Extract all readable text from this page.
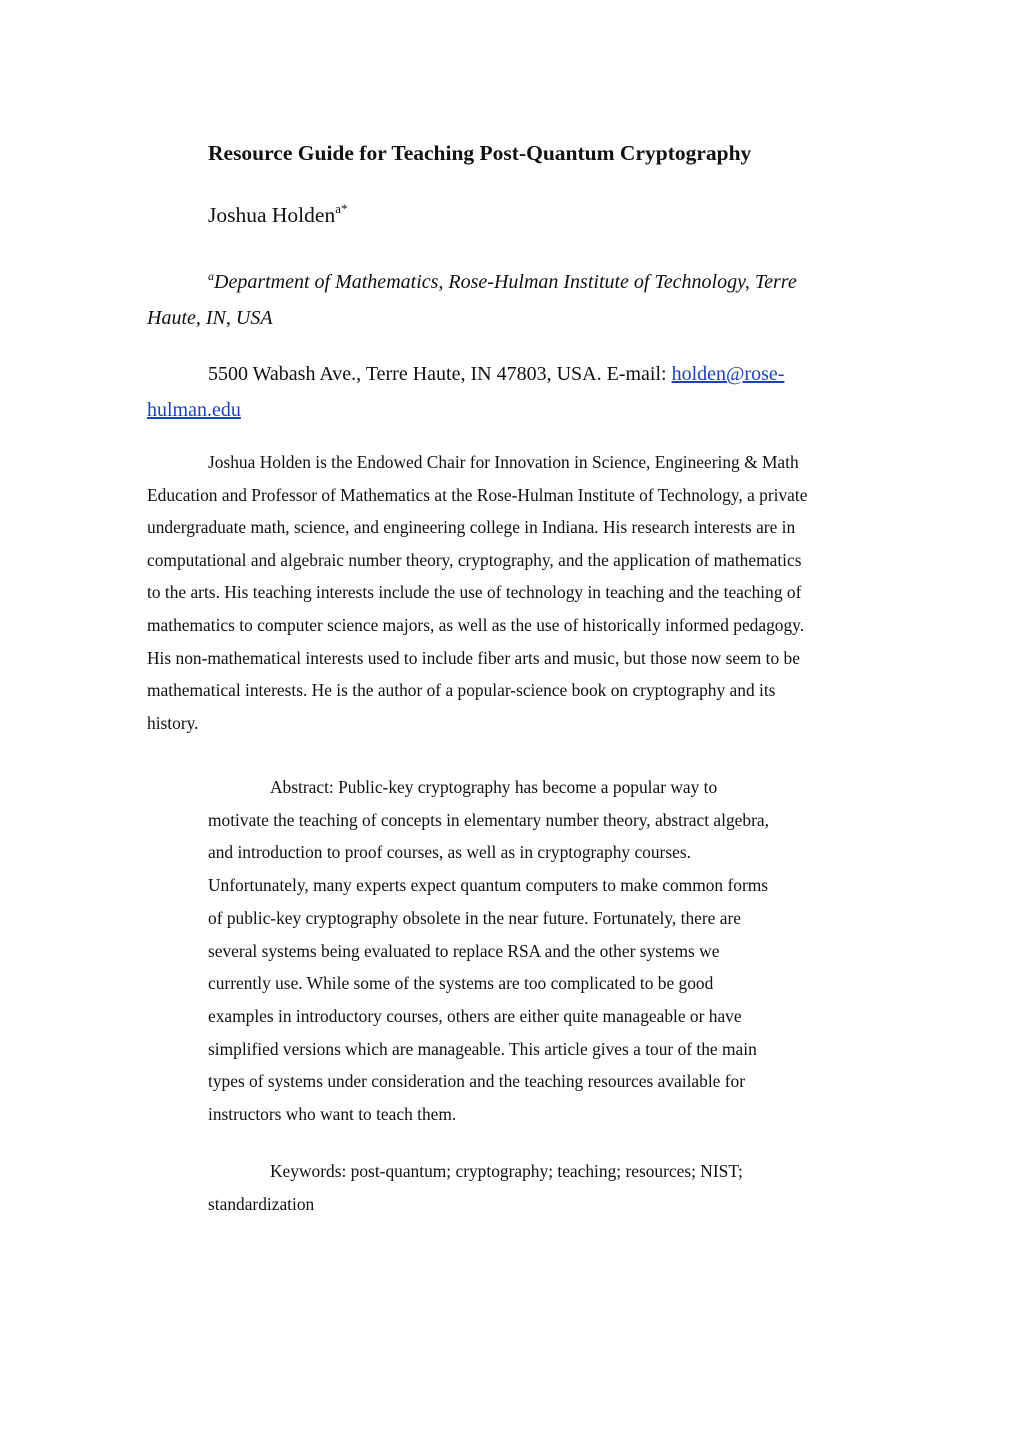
Resource Guide for Teaching Post-Quantum Cryptography
Joshua Holden$^{a*}$

$^a$Department of Mathematics, Rose-Hulman Institute of Technology, Terre Haute, IN, USA

5500 Wabash Ave., Terre Haute, IN 47803, USA. E-mail: holden@rose-
hulman.edu

Joshua Holden is the Endowed Chair for Innovation in Science, Engineering & Math
Education and Professor of Mathematics at the Rose-Hulman Institute of Technology, a private
undergraduate math, science, and engineering college in Indiana. His research interests are in
computational and algebraic number theory, cryptography, and the application of mathematics
to the arts. His teaching interests include the use of technology in teaching and the teaching of
mathematics to computer science majors, as well as the use of historically informed pedagogy.
His non-mathematical interests used to include fiber arts and music, but those now seem to be
mathematical interests. He is the author of a popular-science book on cryptography and its
history.

Abstract: Public-key cryptography has become a popular way to
motivate the teaching of concepts in elementary number theory, abstract algebra,
and introduction to proof courses, as well as in cryptography courses.
Unfortunately, many experts expect quantum computers to make common forms
of public-key cryptography obsolete in the near future. Fortunately, there are
several systems being evaluated to replace RSA and the other systems we
currently use. While some of the systems are too complicated to be good
examples in introductory courses, others are either quite manageable or have
simplified versions which are manageable. This article gives a tour of the main
types of systems under consideration and the teaching resources available for
instructors who want to teach them.

Keywords: post-quantum; cryptography; teaching; resources; NIST;
standardization
